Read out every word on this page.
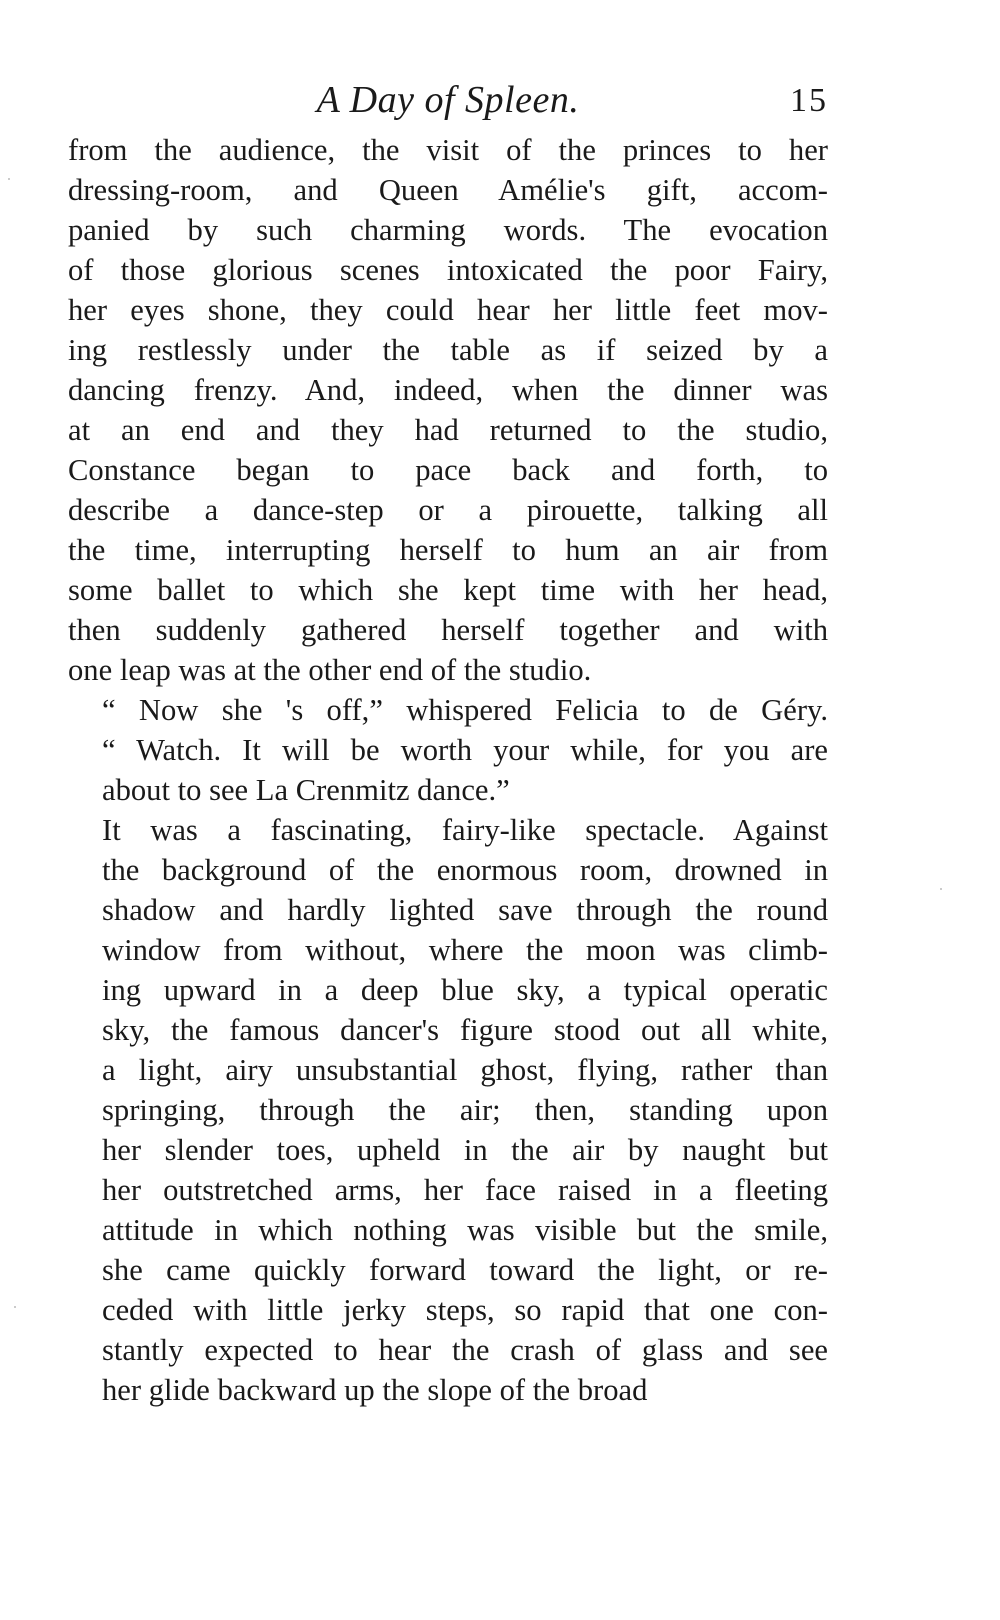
A Day of Spleen.	15

from the audience, the visit of the princes to her
dressing-room, and Queen Amélie's gift, accom-
panied by such charming words. The evocation
of those glorious scenes intoxicated the poor Fairy,
her eyes shone, they could hear her little feet mov-
ing restlessly under the table as if seized by a
dancing frenzy. And, indeed, when the dinner was
at an end and they had returned to the studio,
Constance began to pace back and forth, to
describe a dance-step or a pirouette, talking all
the time, interrupting herself to hum an air from
some ballet to which she kept time with her head,
then suddenly gathered herself together and with
one leap was at the other end of the studio.

“ Now she 's off,” whispered Felicia to de Géry.
“ Watch. It will be worth your while, for you are
about to see La Crenmitz dance.”

It was a fascinating, fairy-like spectacle. Against
the background of the enormous room, drowned in
shadow and hardly lighted save through the round
window from without, where the moon was climb-
ing upward in a deep blue sky, a typical operatic
sky, the famous dancer's figure stood out all white,
a light, airy unsubstantial ghost, flying, rather than
springing, through the air; then, standing upon
her slender toes, upheld in the air by naught but
her outstretched arms, her face raised in a fleeting
attitude in which nothing was visible but the smile,
she came quickly forward toward the light, or re-
ceded with little jerky steps, so rapid that one con-
stantly expected to hear the crash of glass and see
her glide backward up the slope of the broad
